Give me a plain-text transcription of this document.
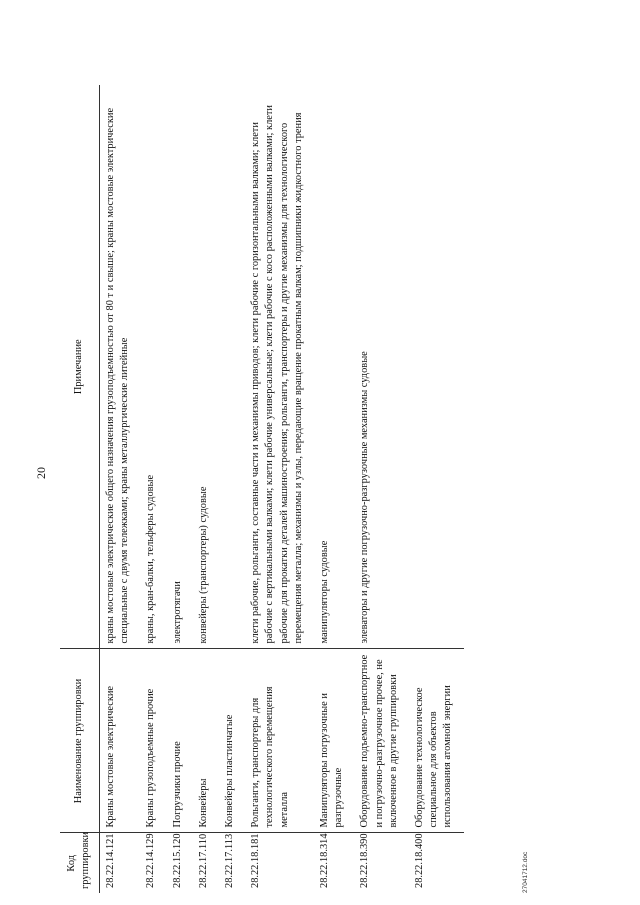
20
Код группировки	Наименование группировки	Примечание
28.22.14.121	Краны мостовые электрические	краны мостовые электрические общего назначения грузоподъемностью от 80 т и свыше; краны мостовые электрические специальные с двумя тележками; краны металлургические литейные
28.22.14.129	Краны грузоподъемные прочие	краны, кран-балки, тельферы судовые
28.22.15.120	Погрузчики прочие	электротягачи
28.22.17.110	Конвейеры	конвейеры (транспортеры) судовые
28.22.17.113	Конвейеры пластинчатые	
28.22.18.181	Рольганги, транспортеры для технологического перемещения металла	клети рабочие, рольганги, составные части и механизмы приводов; клети рабочие с горизонтальными валками; клети рабочие с вертикальными валками; клети рабочие универсальные; клети рабочие с косо расположенными валками; клети рабочие для прокатки деталей машиностроения; рольганги, транспортеры и другие механизмы для технологического перемещения металла; механизмы и узлы, передающие вращение прокатным валкам; подшипники жидкостного трения
28.22.18.314	Манипуляторы погрузочные и разгрузочные	манипуляторы судовые
28.22.18.390	Оборудование подъемно-транспортное и погрузочно-разгрузочное прочее, не включенное в другие группировки	элеваторы и другие погрузочно-разгрузочные механизмы судовые
28.22.18.400	Оборудование технологическое специальное для объектов использования атомной энергии	
27041712.doc
